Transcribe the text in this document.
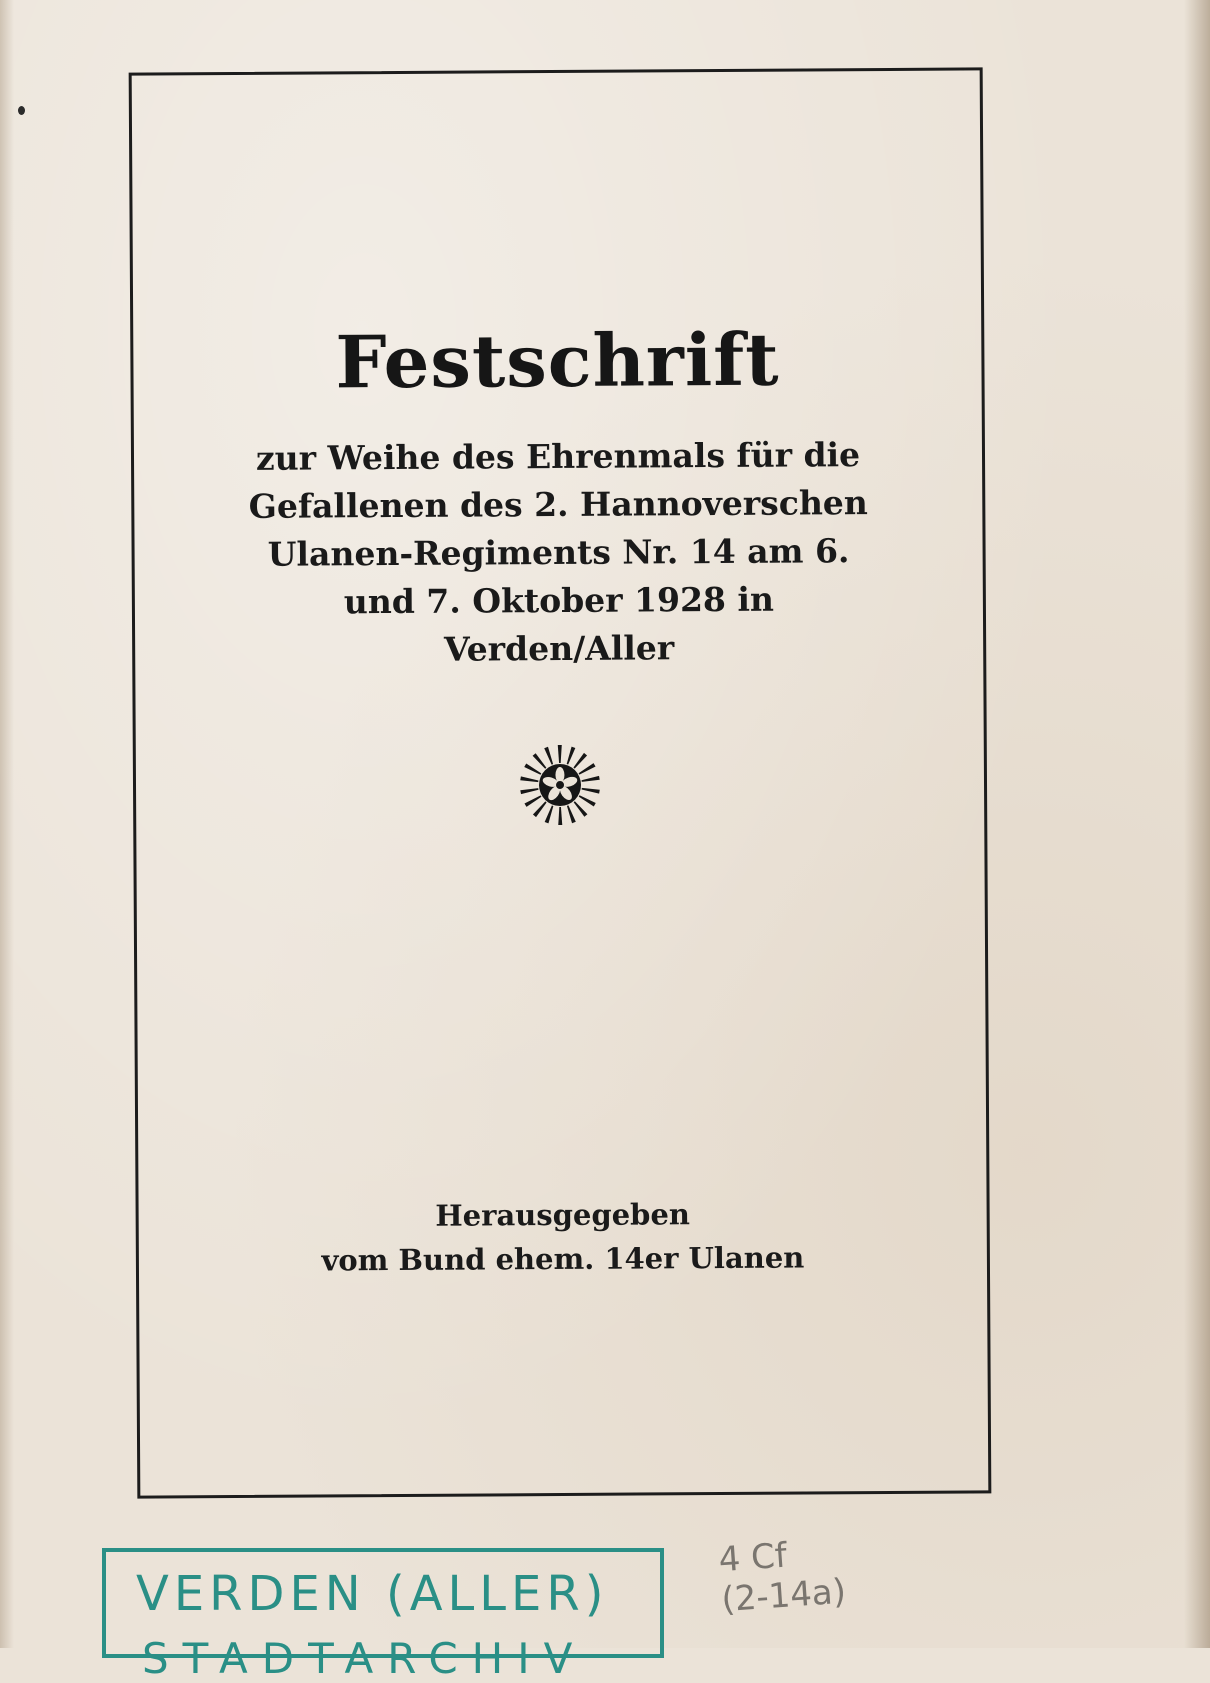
Festschrift
zur Weihe des Ehrenmals für die
Gefallenen des 2. Hannoverschen
Ulanen-Regiments Nr. 14 am 6.
und 7. Oktober 1928 in
Verden/Aller
Herausgegeben
vom Bund ehem. 14er Ulanen
VERDEN (ALLER)
STADTARCHIV
4 Cf
(2-14a)
